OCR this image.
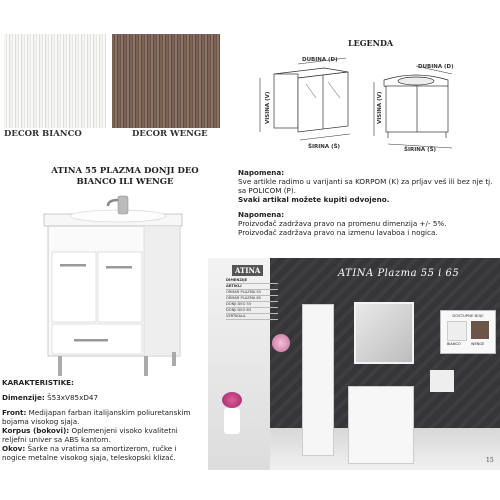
DECOR BIANCO	DECOR WENGE
LEGENDA
DUBINA (D)
VISINA (V)
ŠIRINA (Š)
DUBINA (D)
VISINA (V)
ŠIRINA (Š)
ATINA 55 PLAZMA DONJI DEO
BIANCO ILI WENGE
Napomena:
Sve artikle radimo u varijanti sa KORPOM (K) za prljav veš ili bez nje tj. sa POLICOM (P).
Svaki artikal možete kupiti odvojeno.
Napomena:
Proizvođač zadržava pravo na promenu dimenzija +/- 5%.
Proizvođač zadržava pravo na izmenu lavaboa i nogica.
KARAKTERISTIKE:
Dimenzije: Š53xV85xD47
Front: Medijapan farban italijanskim poliuretanskim bojama visokog sjaja.
Korpus (bokovi): Oplemenjeni visoko kvalitetni reljefni univer sa ABS kantom.
Okov: Šarke na vratima sa amortizerom, ručke i nogice metalne visokog sjaja, teleskopski klizač.
DOSTUPNE BOJE
BIANCO	WENGE
ATINA	ATINA Plazma 55 i 65
DIMENZIJE
ARTIKLI
ORMAR PLAZMA 55
ORMAR PLAZMA 65
DONJI DEO 55
DONJI DEO 65
VERTIKALA
15
